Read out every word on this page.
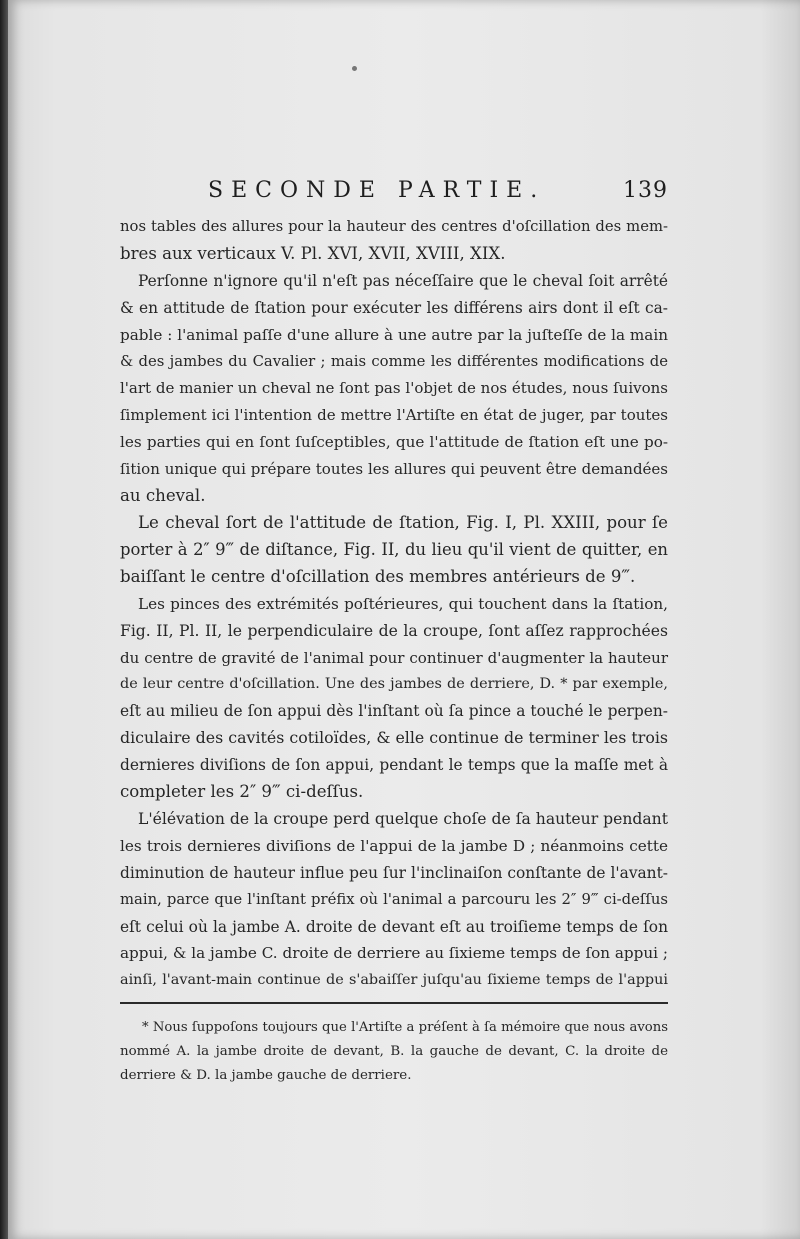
SECONDE PARTIE.	139
nos tables des allures pour la hauteur des centres d'oſcillation des mem-
bres aux verticaux V. Pl. XVI, XVII, XVIII, XIX.
Perſonne n'ignore qu'il n'eſt pas néceſſaire que le cheval ſoit arrêté
& en attitude de ſtation pour exécuter les différens airs dont il eſt ca-
pable : l'animal paſſe d'une allure à une autre par la juſteſſe de la main
& des jambes du Cavalier ; mais comme les différentes modifications de
l'art de manier un cheval ne ſont pas l'objet de nos études, nous ſuivons
ſimplement ici l'intention de mettre l'Artiſte en état de juger, par toutes
les parties qui en ſont ſuſceptibles, que l'attitude de ſtation eſt une po-
ſition unique qui prépare toutes les allures qui peuvent être demandées
au cheval.
Le cheval ſort de l'attitude de ſtation, Fig. I, Pl. XXIII, pour ſe
porter à 2″ 9‴ de diſtance, Fig. II, du lieu qu'il vient de quitter, en
baiſſant le centre d'oſcillation des membres antérieurs de 9‴.
Les pinces des extrémités poſtérieures, qui touchent dans la ſtation,
Fig. II, Pl. II, le perpendiculaire de la croupe, ſont aſſez rapprochées
du centre de gravité de l'animal pour continuer d'augmenter la hauteur
de leur centre d'oſcillation. Une des jambes de derriere, D. * par exemple,
eſt au milieu de ſon appui dès l'inſtant où ſa pince a touché le perpen-
diculaire des cavités cotiloïdes, & elle continue de terminer les trois
dernieres diviſions de ſon appui, pendant le temps que la maſſe met à
completer les 2″ 9‴ ci-deſſus.
L'élévation de la croupe perd quelque choſe de ſa hauteur pendant
les trois dernieres diviſions de l'appui de la jambe D ; néanmoins cette
diminution de hauteur influe peu ſur l'inclinaiſon conſtante de l'avant-
main, parce que l'inſtant préfix où l'animal a parcouru les 2″ 9‴ ci-deſſus
eſt celui où la jambe A. droite de devant eſt au troiſieme temps de ſon
appui, & la jambe C. droite de derriere au ſixieme temps de ſon appui ;
ainſi, l'avant-main continue de s'abaiſſer juſqu'au ſixieme temps de l'appui
* Nous ſuppoſons toujours que l'Artiſte a préſent à ſa mémoire que nous avons
nommé A. la jambe droite de devant, B. la gauche de devant, C. la droite de
derriere & D. la jambe gauche de derriere.
